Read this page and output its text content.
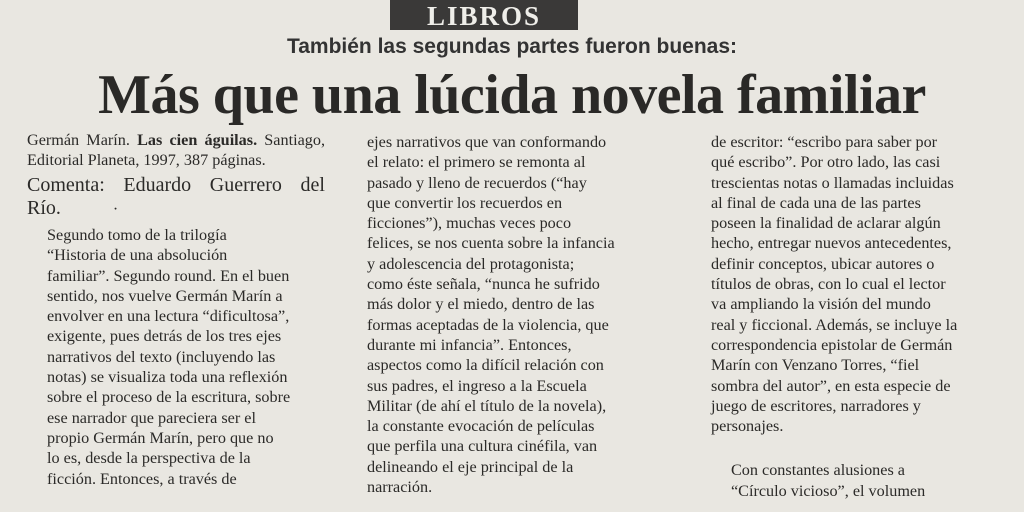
LIBROS
También las segundas partes fueron buenas:
Más que una lúcida novela familiar

Germán Marín. Las cien águilas. Santiago, Editorial Planeta, 1997, 387 páginas.

Comenta: Eduardo Guerrero del Río.	·

Segundo tomo de la trilogía
“Historia de una absolución
familiar”. Segundo round. En el buen
sentido, nos vuelve Germán Marín a
envolver en una lectura “dificultosa”,
exigente, pues detrás de los tres ejes
narrativos del texto (incluyendo las
notas) se visualiza toda una reflexión
sobre el proceso de la escritura, sobre
ese narrador que pareciera ser el
propio Germán Marín, pero que no
lo es, desde la perspectiva de la
ficción. Entonces, a través de

ejes narrativos que van conformando
el relato: el primero se remonta al
pasado y lleno de recuerdos (“hay
que convertir los recuerdos en
ficciones”), muchas veces poco
felices, se nos cuenta sobre la infancia
y adolescencia del protagonista;
como éste señala, “nunca he sufrido
más dolor y el miedo, dentro de las
formas aceptadas de la violencia, que
durante mi infancia”. Entonces,
aspectos como la difícil relación con
sus padres, el ingreso a la Escuela
Militar (de ahí el título de la novela),
la constante evocación de películas
que perfila una cultura cinéfila, van
delineando el eje principal de la
narración.

de escritor: “escribo para saber por
qué escribo”. Por otro lado, las casi
trescientas notas o llamadas incluidas
al final de cada una de las partes
poseen la finalidad de aclarar algún
hecho, entregar nuevos antecedentes,
definir conceptos, ubicar autores o
títulos de obras, con lo cual el lector
va ampliando la visión del mundo
real y ficcional. Además, se incluye la
correspondencia epistolar de Germán
Marín con Venzano Torres, “fiel
sombra del autor”, en esta especie de
juego de escritores, narradores y
personajes.

Con constantes alusiones a
“Círculo vicioso”, el volumen
